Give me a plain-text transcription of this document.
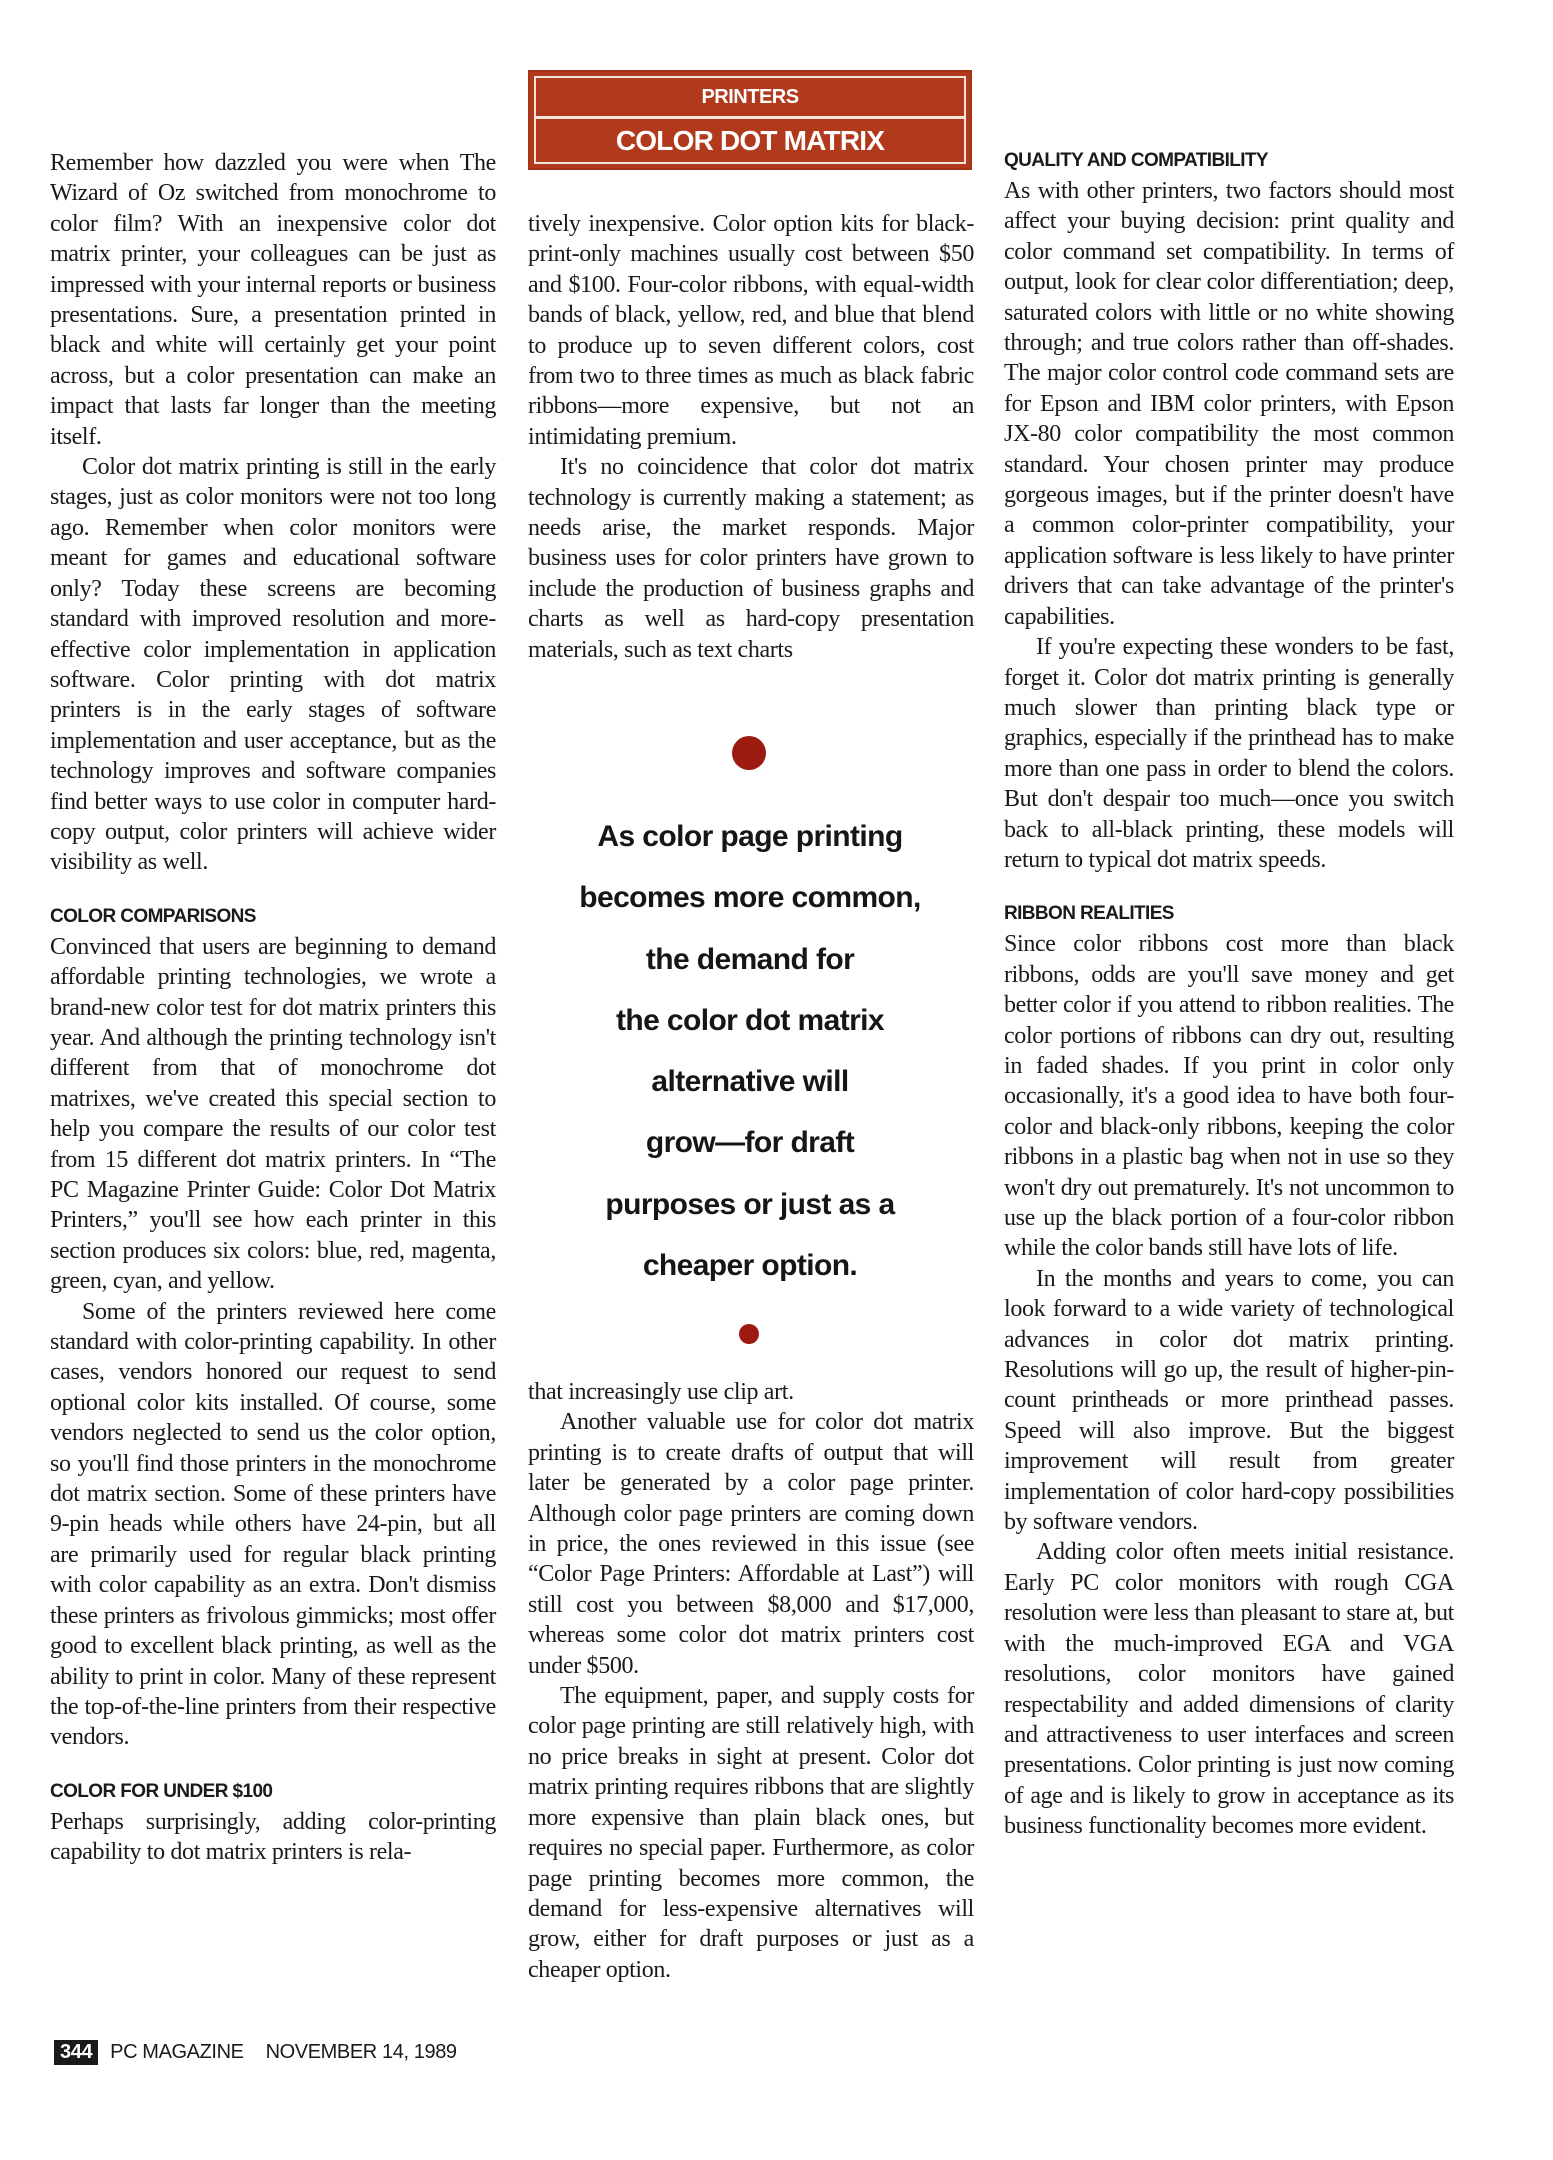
PRINTERS
COLOR DOT MATRIX

Remember how dazzled you were when The Wizard of Oz switched from monochrome to color film? With an inexpensive color dot matrix printer, your colleagues can be just as impressed with your internal reports or business presentations. Sure, a presentation printed in black and white will certainly get your point across, but a color presentation can make an impact that lasts far longer than the meeting itself.

Color dot matrix printing is still in the early stages, just as color monitors were not too long ago. Remember when color monitors were meant for games and educational software only? Today these screens are becoming standard with improved resolution and more-effective color implementation in application software. Color printing with dot matrix printers is in the early stages of software implementation and user acceptance, but as the technology improves and software companies find better ways to use color in computer hard-copy output, color printers will achieve wider visibility as well.

COLOR COMPARISONS

Convinced that users are beginning to demand affordable printing technologies, we wrote a brand-new color test for dot matrix printers this year. And although the printing technology isn't different from that of monochrome dot matrixes, we've created this special section to help you compare the results of our color test from 15 different dot matrix printers. In “The PC Magazine Printer Guide: Color Dot Matrix Printers,” you'll see how each printer in this section produces six colors: blue, red, magenta, green, cyan, and yellow.

Some of the printers reviewed here come standard with color-printing capability. In other cases, vendors honored our request to send optional color kits installed. Of course, some vendors neglected to send us the color option, so you'll find those printers in the monochrome dot matrix section. Some of these printers have 9-pin heads while others have 24-pin, but all are primarily used for regular black printing with color capability as an extra. Don't dismiss these printers as frivolous gimmicks; most offer good to excellent black printing, as well as the ability to print in color. Many of these represent the top-of-the-line printers from their respective vendors.

COLOR FOR UNDER $100

Perhaps surprisingly, adding color-printing capability to dot matrix printers is rela-

tively inexpensive. Color option kits for black-print-only machines usually cost between $50 and $100. Four-color ribbons, with equal-width bands of black, yellow, red, and blue that blend to produce up to seven different colors, cost from two to three times as much as black fabric ribbons—more expensive, but not an intimidating premium.

It's no coincidence that color dot matrix technology is currently making a statement; as needs arise, the market responds. Major business uses for color printers have grown to include the production of business graphs and charts as well as hard-copy presentation materials, such as text charts

As color page printing
becomes more common,
the demand for
the color dot matrix
alternative will
grow—for draft
purposes or just as a
cheaper option.

that increasingly use clip art.

Another valuable use for color dot matrix printing is to create drafts of output that will later be generated by a color page printer. Although color page printers are coming down in price, the ones reviewed in this issue (see “Color Page Printers: Affordable at Last”) will still cost you between $8,000 and $17,000, whereas some color dot matrix printers cost under $500.

The equipment, paper, and supply costs for color page printing are still relatively high, with no price breaks in sight at present. Color dot matrix printing requires ribbons that are slightly more expensive than plain black ones, but requires no special paper. Furthermore, as color page printing becomes more common, the demand for less-expensive alternatives will grow, either for draft purposes or just as a cheaper option.

QUALITY AND COMPATIBILITY

As with other printers, two factors should most affect your buying decision: print quality and color command set compatibility. In terms of output, look for clear color differentiation; deep, saturated colors with little or no white showing through; and true colors rather than off-shades. The major color control code command sets are for Epson and IBM color printers, with Epson JX-80 color compatibility the most common standard. Your chosen printer may produce gorgeous images, but if the printer doesn't have a common color-printer compatibility, your application software is less likely to have printer drivers that can take advantage of the printer's capabilities.

If you're expecting these wonders to be fast, forget it. Color dot matrix printing is generally much slower than printing black type or graphics, especially if the printhead has to make more than one pass in order to blend the colors. But don't despair too much—once you switch back to all-black printing, these models will return to typical dot matrix speeds.

RIBBON REALITIES

Since color ribbons cost more than black ribbons, odds are you'll save money and get better color if you attend to ribbon realities. The color portions of ribbons can dry out, resulting in faded shades. If you print in color only occasionally, it's a good idea to have both four-color and black-only ribbons, keeping the color ribbons in a plastic bag when not in use so they won't dry out prematurely. It's not uncommon to use up the black portion of a four-color ribbon while the color bands still have lots of life.

In the months and years to come, you can look forward to a wide variety of technological advances in color dot matrix printing. Resolutions will go up, the result of higher-pin-count printheads or more printhead passes. Speed will also improve. But the biggest improvement will result from greater implementation of color hard-copy possibilities by software vendors.

Adding color often meets initial resistance. Early PC color monitors with rough CGA resolution were less than pleasant to stare at, but with the much-improved EGA and VGA resolutions, color monitors have gained respectability and added dimensions of clarity and attractiveness to user interfaces and screen presentations. Color printing is just now coming of age and is likely to grow in acceptance as its business functionality becomes more evident.

344 PC MAGAZINE NOVEMBER 14, 1989
